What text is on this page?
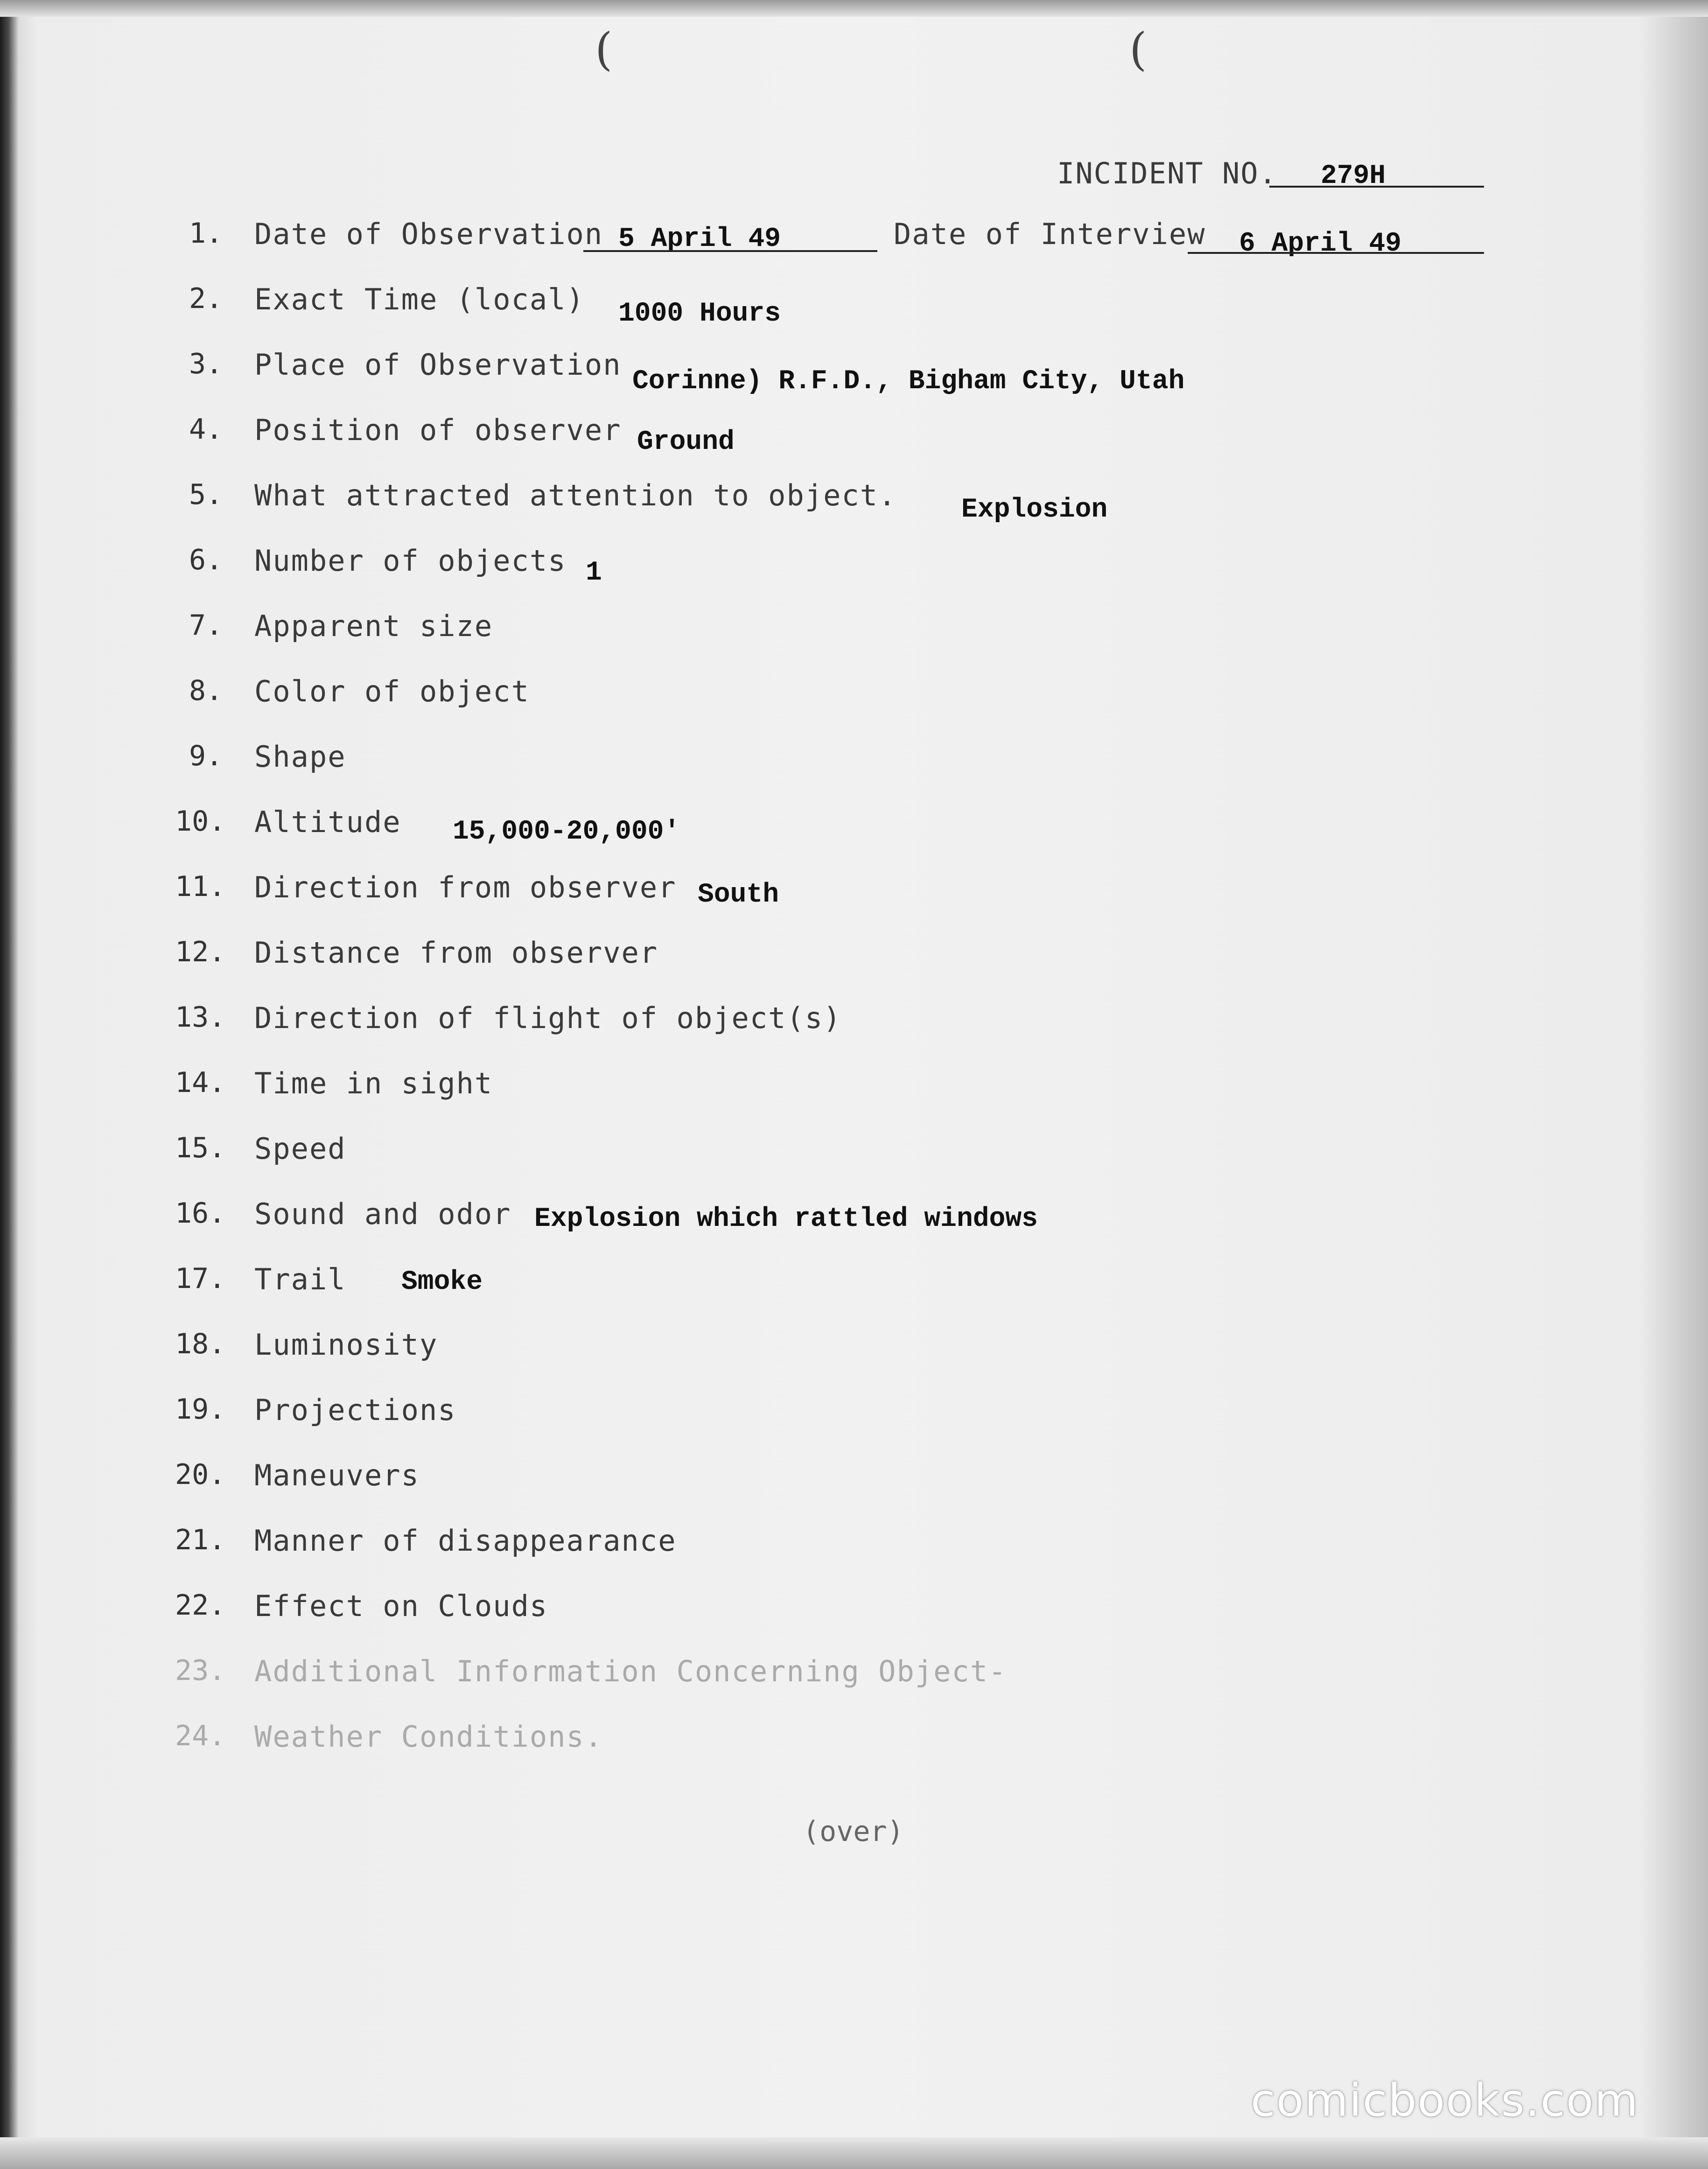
(	(
INCIDENT NO. 279H
1. Date of Observation 5 April 49	Date of Interview 6 April 49
2. Exact Time (local) 1000 Hours
3. Place of Observation Corinne) R.F.D., Bigham City, Utah
4. Position of observer Ground
5. What attracted attention to object. Explosion
6. Number of objects 1
7. Apparent size
8. Color of object
9. Shape
10. Altitude 15,000-20,000'
11. Direction from observer South
12. Distance from observer
13. Direction of flight of object(s)
14. Time in sight
15. Speed
16. Sound and odor Explosion which rattled windows
17. Trail Smoke
18. Luminosity
19. Projections
20. Maneuvers
21. Manner of disappearance
22. Effect on Clouds
23. Additional Information Concerning Object-
24. Weather Conditions.
(over)
comicbooks.com
